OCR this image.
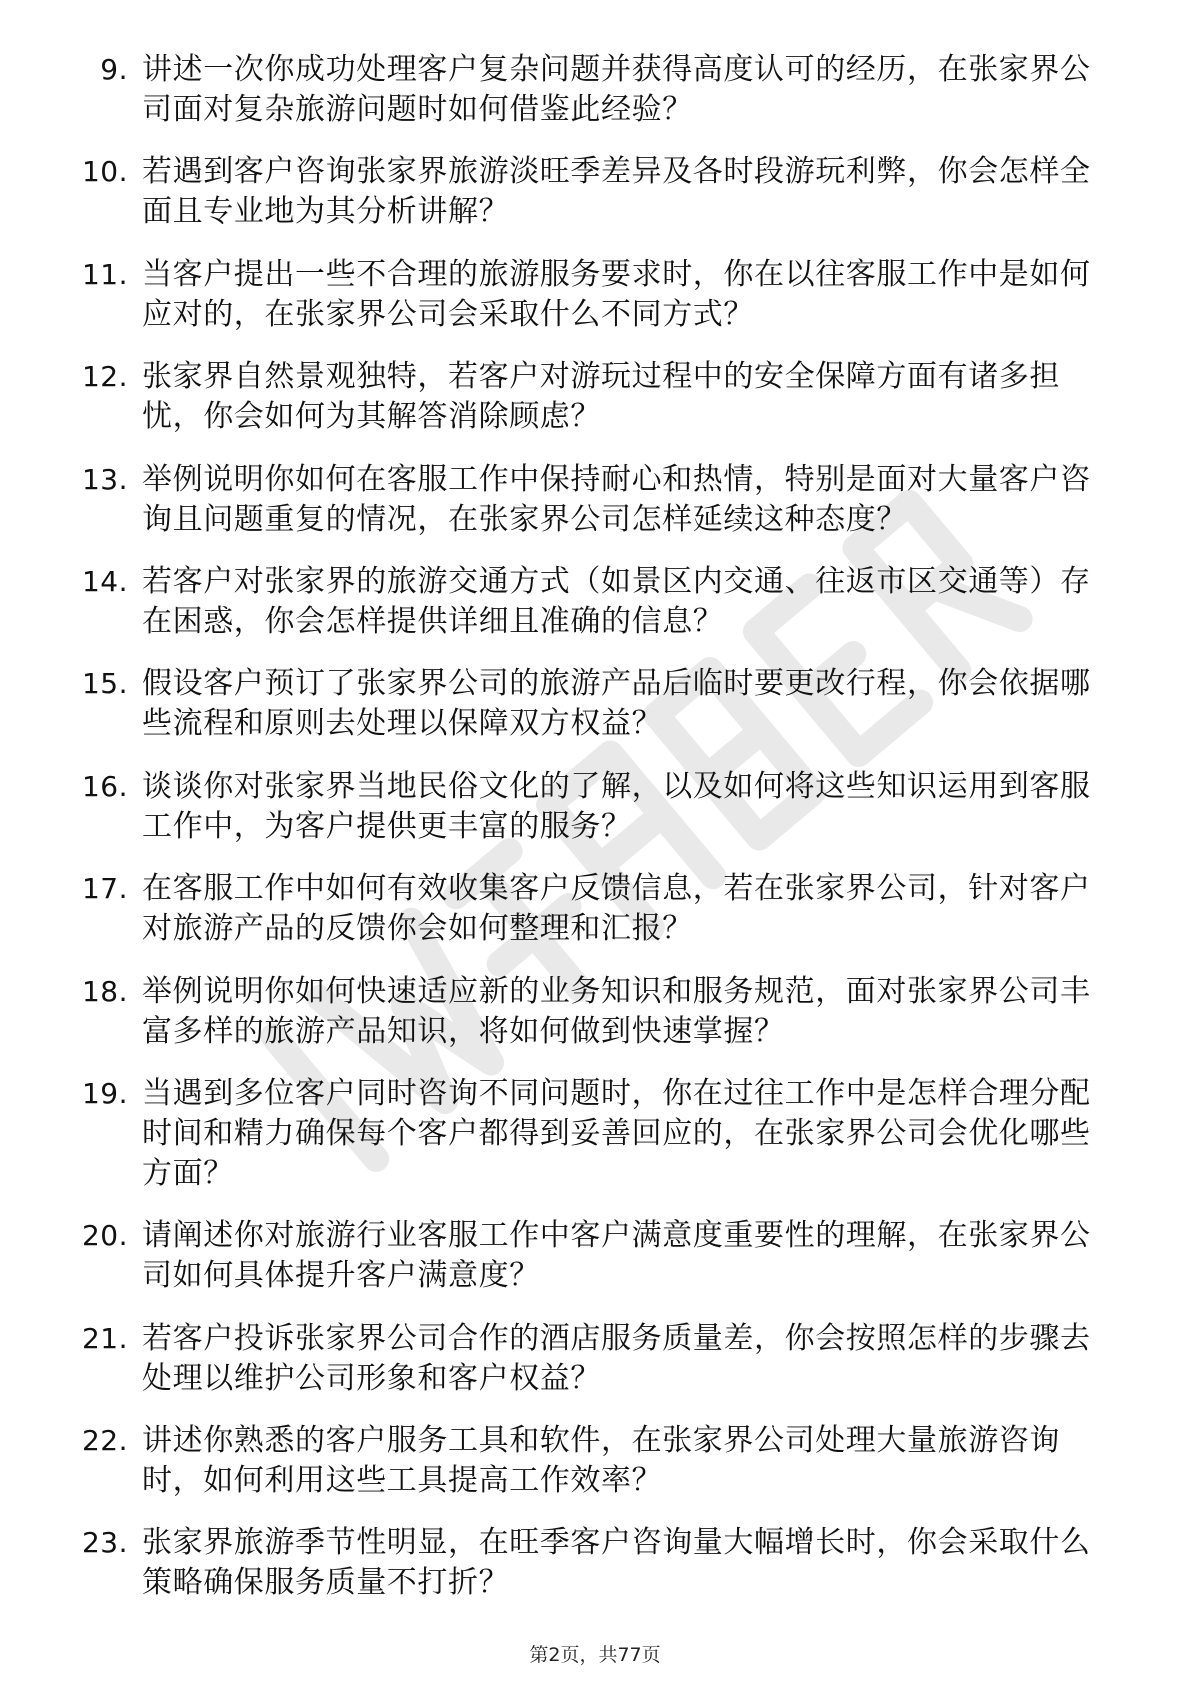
9. 讲述一次你成功处理客户复杂问题并获得高度认可的经历，在张家界公司面对复杂旅游问题时如何借鉴此经验？
10. 若遇到客户咨询张家界旅游淡旺季差异及各时段游玩利弊，你会怎样全面且专业地为其分析讲解？
11. 当客户提出一些不合理的旅游服务要求时，你在以往客服工作中是如何应对的，在张家界公司会采取什么不同方式？
12. 张家界自然景观独特，若客户对游玩过程中的安全保障方面有诸多担忧，你会如何为其解答消除顾虑？
13. 举例说明你如何在客服工作中保持耐心和热情，特别是面对大量客户咨询且问题重复的情况，在张家界公司怎样延续这种态度？
14. 若客户对张家界的旅游交通方式（如景区内交通、往返市区交通等）存在困惑，你会怎样提供详细且准确的信息？
15. 假设客户预订了张家界公司的旅游产品后临时要更改行程，你会依据哪些流程和原则去处理以保障双方权益？
16. 谈谈你对张家界当地民俗文化的了解，以及如何将这些知识运用到客服工作中，为客户提供更丰富的服务？
17. 在客服工作中如何有效收集客户反馈信息，若在张家界公司，针对客户对旅游产品的反馈你会如何整理和汇报？
18. 举例说明你如何快速适应新的业务知识和服务规范，面对张家界公司丰富多样的旅游产品知识，将如何做到快速掌握？
19. 当遇到多位客户同时咨询不同问题时，你在过往工作中是怎样合理分配时间和精力确保每个客户都得到妥善回应的，在张家界公司会优化哪些方面？
20. 请阐述你对旅游行业客服工作中客户满意度重要性的理解，在张家界公司如何具体提升客户满意度？
21. 若客户投诉张家界公司合作的酒店服务质量差，你会按照怎样的步骤去处理以维护公司形象和客户权益？
22. 讲述你熟悉的客户服务工具和软件，在张家界公司处理大量旅游咨询时，如何利用这些工具提高工作效率？
23. 张家界旅游季节性明显，在旺季客户咨询量大幅增长时，你会采取什么策略确保服务质量不打折？
第2页，共77页
